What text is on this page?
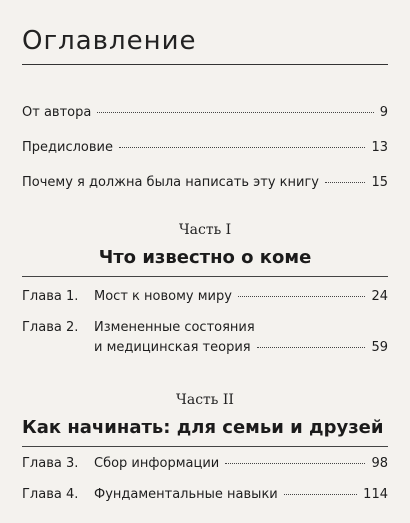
Оглавление
От автора	9
Предисловие	13
Почему я должна была написать эту книгу	15
Часть I
Что известно о коме
Глава 1. Мост к новому миру	24
Глава 2. Измененные состояния
и медицинская теория	59
Часть II
Как начинать: для семьи и друзей
Глава 3. Сбор информации	98
Глава 4. Фундаментальные навыки	114
